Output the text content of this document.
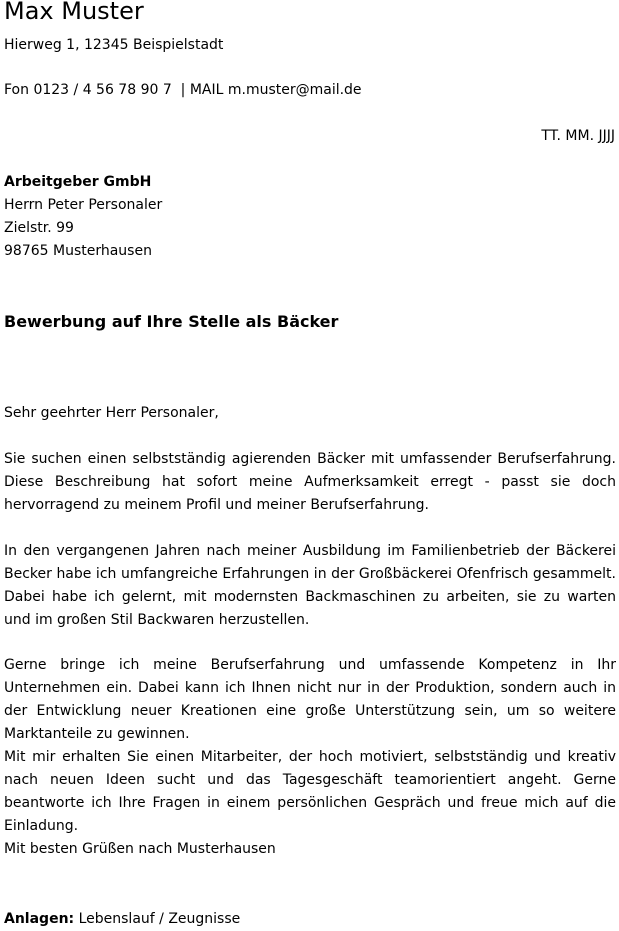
Max Muster
Hierweg 1, 12345 Beispielstadt
Fon 0123 / 4 56 78 90 7  | MAIL m.muster@mail.de
TT. MM. JJJJ
Arbeitgeber GmbH
Herrn Peter Personaler
Zielstr. 99
98765 Musterhausen
Bewerbung auf Ihre Stelle als Bäcker
Sehr geehrter Herr Personaler,
Sie suchen einen selbstständig agierenden Bäcker mit umfassender Berufserfahrung. Diese Beschreibung hat sofort meine Aufmerksamkeit erregt - passt sie doch hervorragend zu meinem Profil und meiner Berufserfahrung.
In den vergangenen Jahren nach meiner Ausbildung im Familienbetrieb der Bäckerei Becker habe ich umfangreiche Erfahrungen in der Großbäckerei Ofenfrisch gesammelt. Dabei habe ich gelernt, mit modernsten Backmaschinen zu arbeiten, sie zu warten und im großen Stil Backwaren herzustellen.
Gerne bringe ich meine Berufserfahrung und umfassende Kompetenz in Ihr Unternehmen ein. Dabei kann ich Ihnen nicht nur in der Produktion, sondern auch in der Entwicklung neuer Kreationen eine große Unterstützung sein, um so weitere Marktanteile zu gewinnen.
Mit mir erhalten Sie einen Mitarbeiter, der hoch motiviert, selbstständig und kreativ nach neuen Ideen sucht und das Tagesgeschäft teamorientiert angeht. Gerne beantworte ich Ihre Fragen in einem persönlichen Gespräch und freue mich auf die Einladung.
Mit besten Grüßen nach Musterhausen
Anlagen: Lebenslauf / Zeugnisse
